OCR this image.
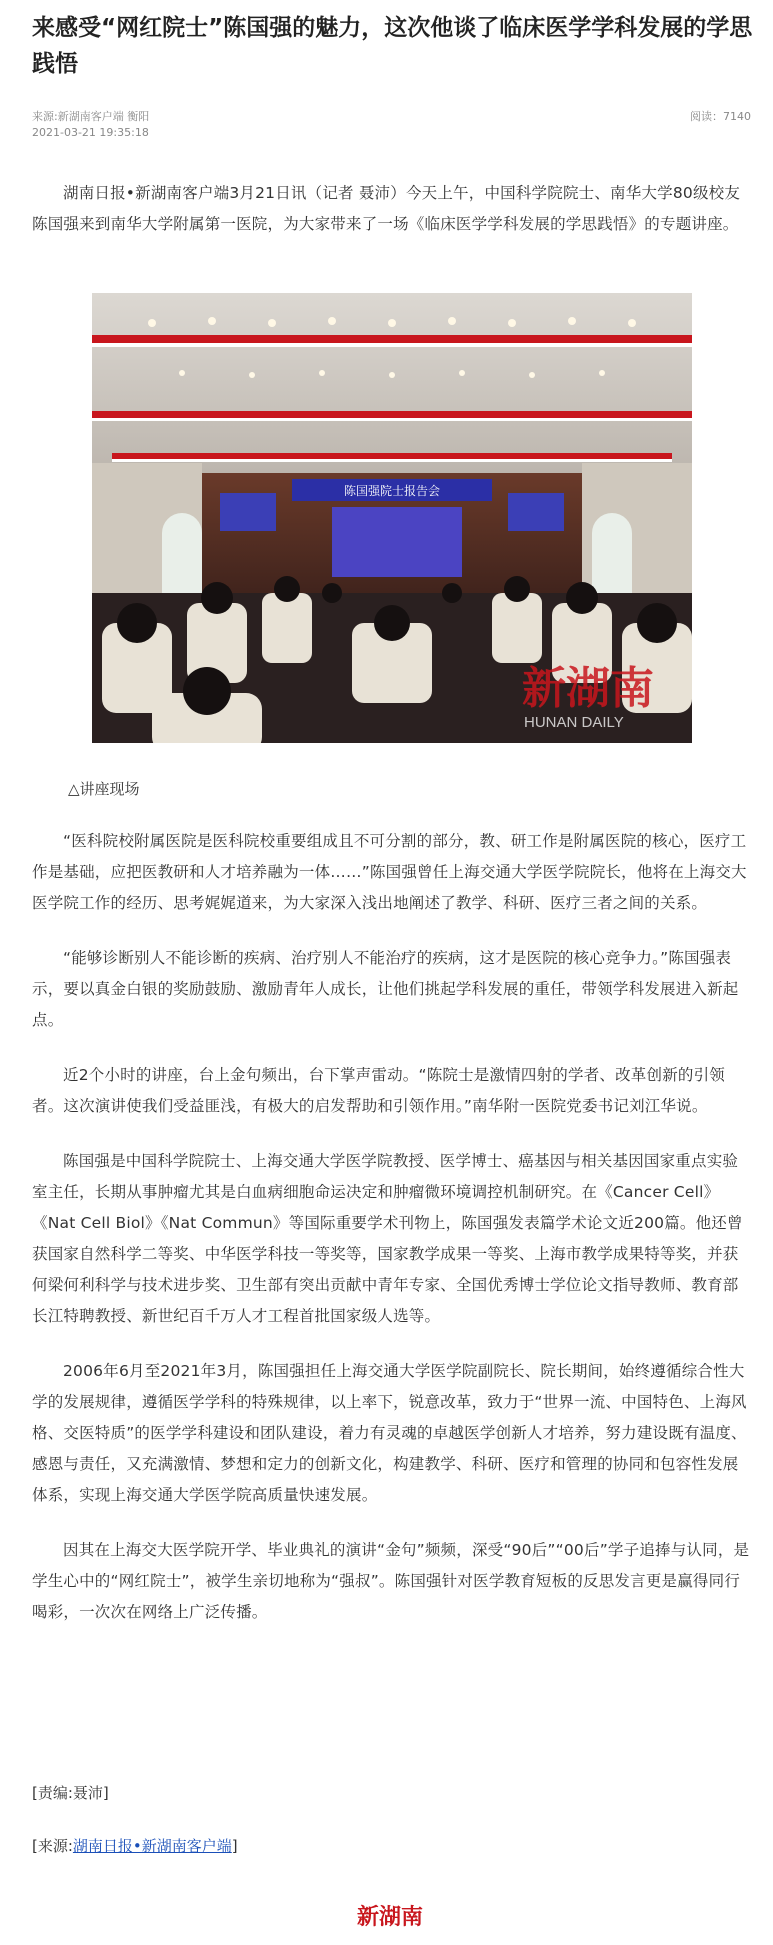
来感受“网红院士”陈国强的魅力，这次他谈了临床医学学科发展的学思践悟
来源:新湖南客户端 衡阳
2021-03-21 19:35:18
阅读：7140

湖南日报•新湖南客户端3月21日讯（记者 聂沛）今天上午，中国科学院院士、南华大学80级校友陈国强来到南华大学附属第一医院，为大家带来了一场《临床医学学科发展的学思践悟》的专题讲座。

陈国强院士报告会
新湖南
HUNAN DAILY
△讲座现场

“医科院校附属医院是医科院校重要组成且不可分割的部分，教、研工作是附属医院的核心，医疗工作是基础，应把医教研和人才培养融为一体……”陈国强曾任上海交通大学医学院院长，他将在上海交大医学院工作的经历、思考娓娓道来，为大家深入浅出地阐述了教学、科研、医疗三者之间的关系。

“能够诊断别人不能诊断的疾病、治疗别人不能治疗的疾病，这才是医院的核心竞争力。”陈国强表示，要以真金白银的奖励鼓励、激励青年人成长，让他们挑起学科发展的重任，带领学科发展进入新起点。

近2个小时的讲座，台上金句频出，台下掌声雷动。“陈院士是激情四射的学者、改革创新的引领者。这次演讲使我们受益匪浅，有极大的启发帮助和引领作用。”南华附一医院党委书记刘江华说。

陈国强是中国科学院院士、上海交通大学医学院教授、医学博士、癌基因与相关基因国家重点实验室主任，长期从事肿瘤尤其是白血病细胞命运决定和肿瘤微环境调控机制研究。在《Cancer Cell》《Nat Cell Biol》《Nat Commun》等国际重要学术刊物上，陈国强发表篇学术论文近200篇。他还曾获国家自然科学二等奖、中华医学科技一等奖等，国家教学成果一等奖、上海市教学成果特等奖，并获何梁何利科学与技术进步奖、卫生部有突出贡献中青年专家、全国优秀博士学位论文指导教师、教育部长江特聘教授、新世纪百千万人才工程首批国家级人选等。

2006年6月至2021年3月，陈国强担任上海交通大学医学院副院长、院长期间，始终遵循综合性大学的发展规律，遵循医学学科的特殊规律，以上率下，锐意改革，致力于“世界一流、中国特色、上海风格、交医特质”的医学学科建设和团队建设，着力有灵魂的卓越医学创新人才培养，努力建设既有温度、感恩与责任，又充满激情、梦想和定力的创新文化，构建教学、科研、医疗和管理的协同和包容性发展体系，实现上海交通大学医学院高质量快速发展。

因其在上海交大医学院开学、毕业典礼的演讲“金句”频频，深受“90后”“00后”学子追捧与认同，是学生心中的“网红院士”，被学生亲切地称为“强叔”。陈国强针对医学教育短板的反思发言更是赢得同行喝彩，一次次在网络上广泛传播。

[责编:聂沛]
[来源:湖南日报•新湖南客户端]
新湖南
